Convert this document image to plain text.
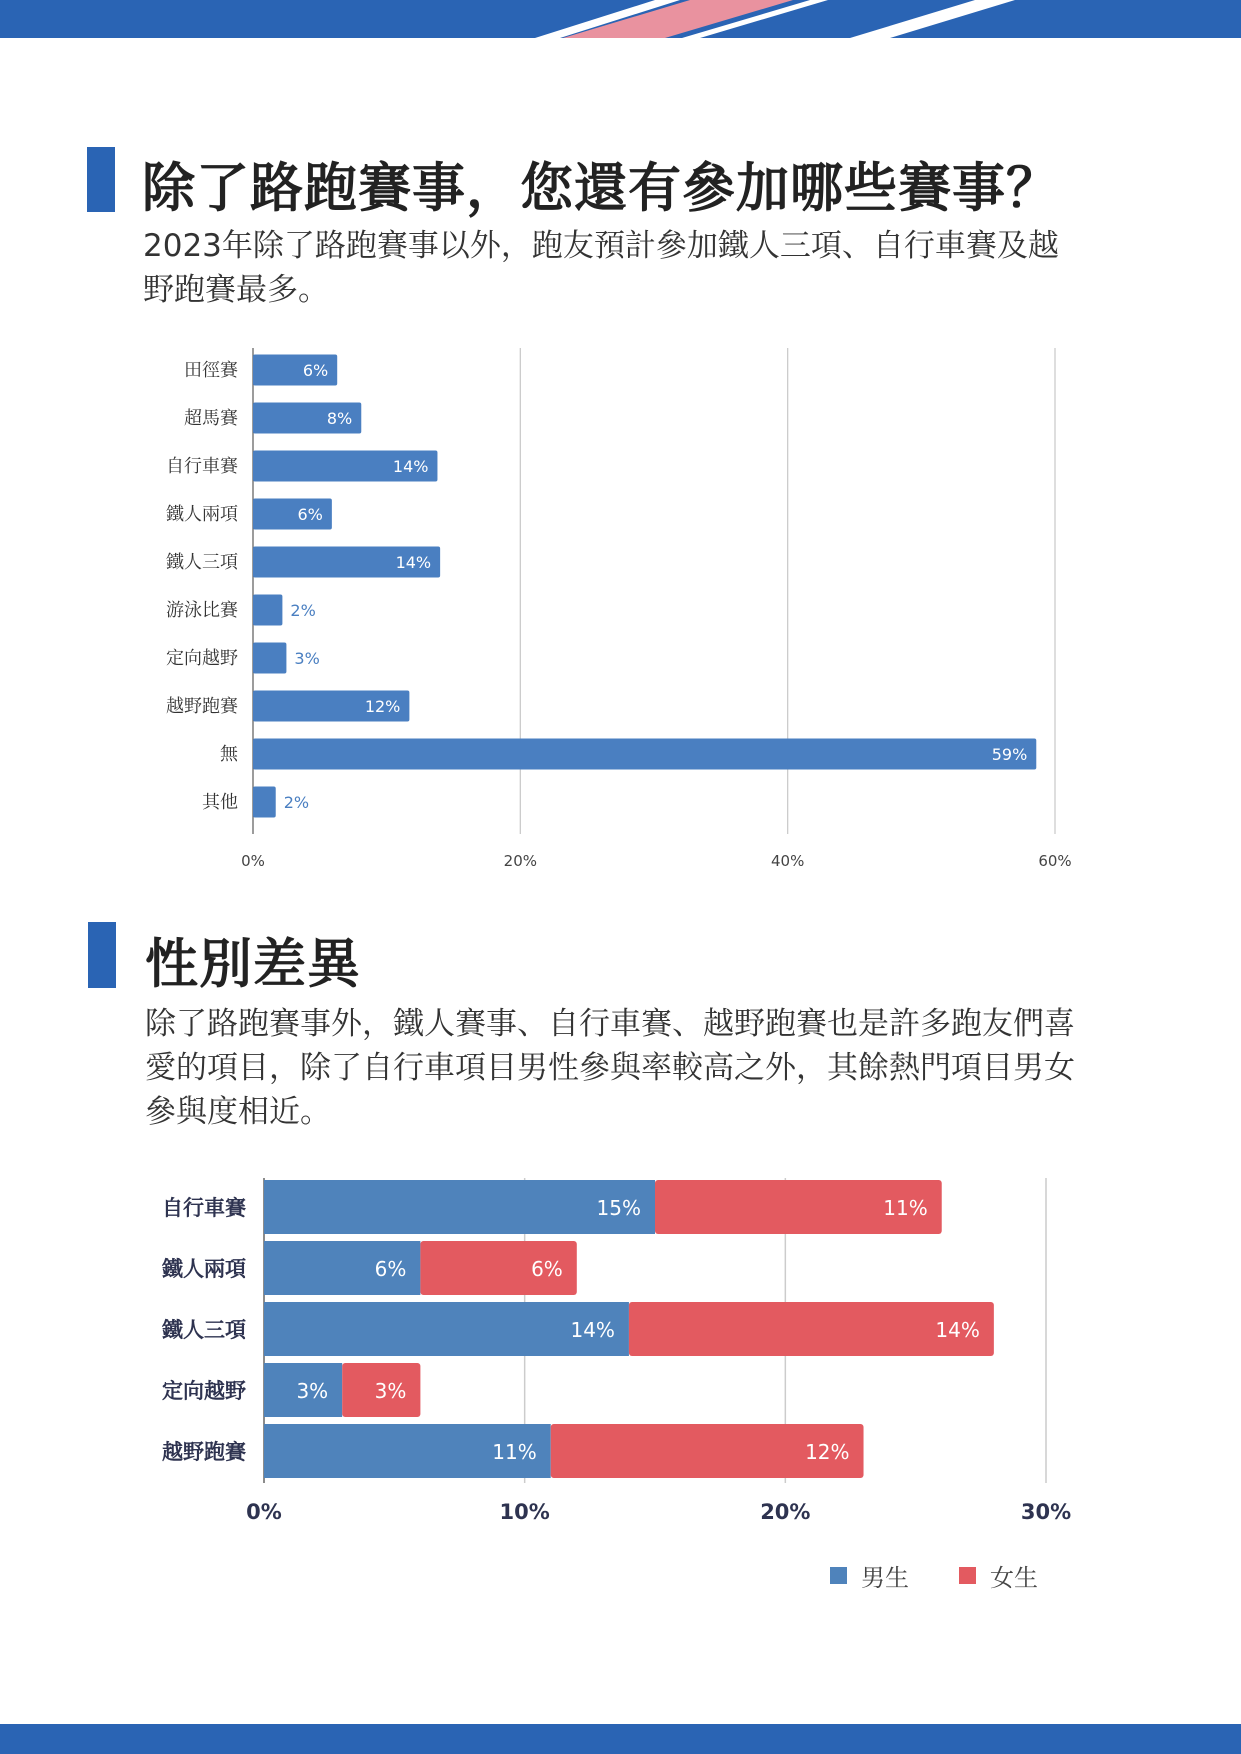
除了路跑賽事，您還有參加哪些賽事？

2023年除了路跑賽事以外，跑友預計參加鐵人三項、自行車賽及越野跑賽最多。

0%	20%	40%	60%
田徑賽	6%
超馬賽	8%
自行車賽	14%
鐵人兩項	6%
鐵人三項	14%
游泳比賽	2%
定向越野	3%
越野跑賽	12%
無	59%
其他	2%
性別差異

除了路跑賽事外，鐵人賽事、自行車賽、越野跑賽也是許多跑友們喜愛的項目，除了自行車項目男性參與率較高之外，其餘熱門項目男女參與度相近。

0%	10%	20%	30%
自行車賽	15%	11%
鐵人兩項	6%	6%
鐵人三項	14%	14%
定向越野	3% 3%
越野跑賽	11%	12%
男生	女生
